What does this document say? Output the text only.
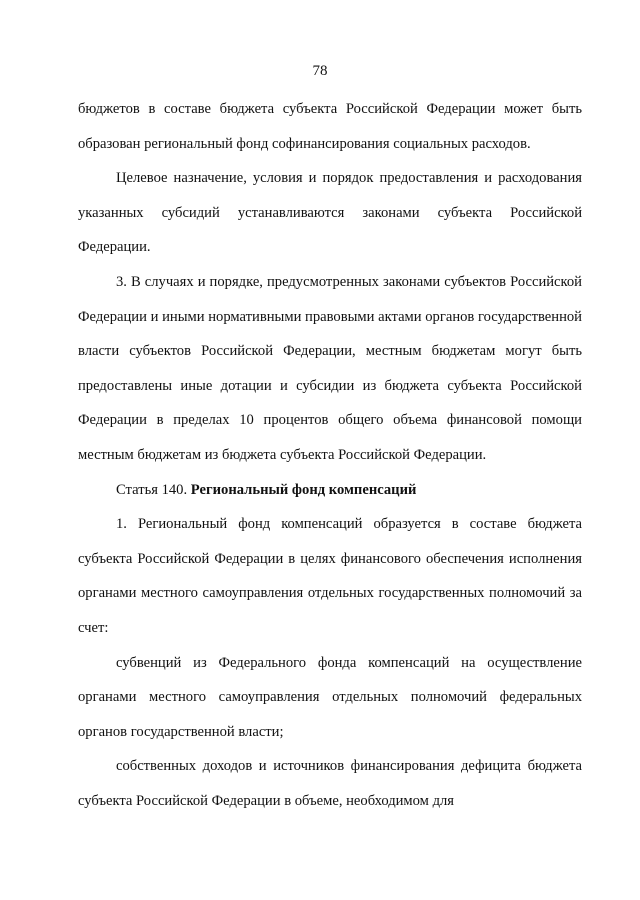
78

бюджетов в составе бюджета субъекта Российской Федерации может быть образован региональный фонд софинансирования социальных расходов.

Целевое назначение, условия и порядок предоставления и расходования указанных субсидий устанавливаются законами субъекта Российской Федерации.

3. В случаях и порядке, предусмотренных законами субъектов Российской Федерации и иными нормативными правовыми актами органов государственной власти субъектов Российской Федерации, местным бюджетам могут быть предоставлены иные дотации и субсидии из бюджета субъекта Российской Федерации в пределах 10 процентов общего объема финансовой помощи местным бюджетам из бюджета субъекта Российской Федерации.

Статья 140. Региональный фонд компенсаций

1. Региональный фонд компенсаций образуется в составе бюджета субъекта Российской Федерации в целях финансового обеспечения исполнения органами местного самоуправления отдельных государственных полномочий за счет:

субвенций из Федерального фонда компенсаций на осуществление органами местного самоуправления отдельных полномочий федеральных органов государственной власти;

собственных доходов и источников финансирования дефицита бюджета субъекта Российской Федерации в объеме, необходимом для
